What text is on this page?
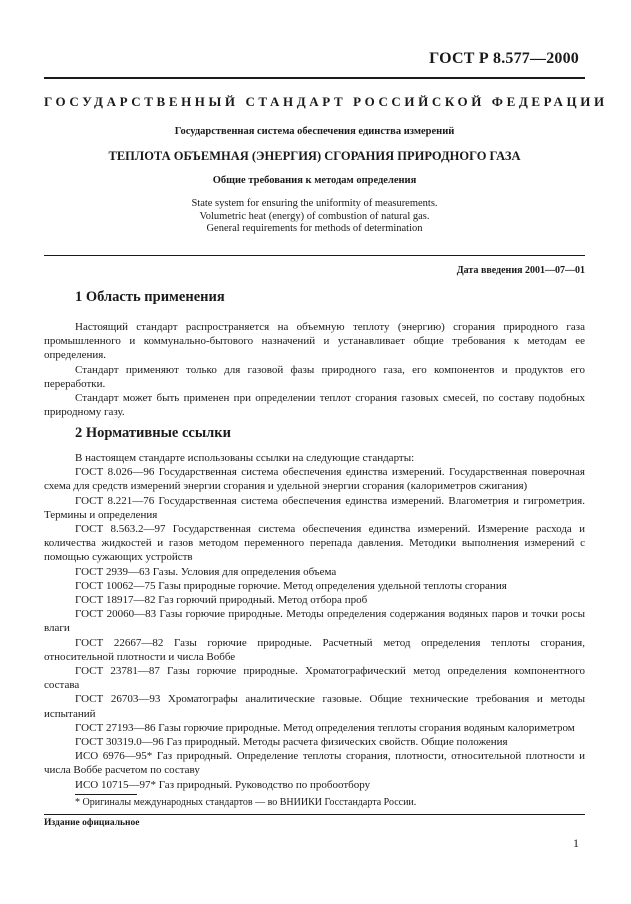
ГОСТ Р 8.577—2000
ГОСУДАРСТВЕННЫЙ СТАНДАРТ РОССИЙСКОЙ ФЕДЕРАЦИИ
Государственная система обеспечения единства измерений
ТЕПЛОТА ОБЪЕМНАЯ (ЭНЕРГИЯ) СГОРАНИЯ ПРИРОДНОГО ГАЗА
Общие требования к методам определения
State system for ensuring the uniformity of measurements.
Volumetric heat (energy) of combustion of natural gas.
General requirements for methods of determination
Дата введения 2001—07—01
1 Область применения

Настоящий стандарт распространяется на объемную теплоту (энергию) сгорания природного газа промышленного и коммунально-бытового назначений и устанавливает общие требования к методам ее определения.

Стандарт применяют только для газовой фазы природного газа, его компонентов и продуктов его переработки.

Стандарт может быть применен при определении теплот сгорания газовых смесей, по составу подобных природному газу.

2 Нормативные ссылки

В настоящем стандарте использованы ссылки на следующие стандарты:

ГОСТ 8.026—96 Государственная система обеспечения единства измерений. Государственная поверочная схема для средств измерений энергии сгорания и удельной энергии сгорания (калориметров сжигания)

ГОСТ 8.221—76 Государственная система обеспечения единства измерений. Влагометрия и гигрометрия. Термины и определения

ГОСТ 8.563.2—97 Государственная система обеспечения единства измерений. Измерение расхода и количества жидкостей и газов методом переменного перепада давления. Методики выполнения измерений с помощью сужающих устройств

ГОСТ 2939—63 Газы. Условия для определения объема

ГОСТ 10062—75 Газы природные горючие. Метод определения удельной теплоты сгорания

ГОСТ 18917—82 Газ горючий природный. Метод отбора проб

ГОСТ 20060—83 Газы горючие природные. Методы определения содержания водяных паров и точки росы влаги

ГОСТ 22667—82 Газы горючие природные. Расчетный метод определения теплоты сгорания, относительной плотности и числа Воббе

ГОСТ 23781—87 Газы горючие природные. Хроматографический метод определения компонентного состава

ГОСТ 26703—93 Хроматографы аналитические газовые. Общие технические требования и методы испытаний

ГОСТ 27193—86 Газы горючие природные. Метод определения теплоты сгорания водяным калориметром

ГОСТ 30319.0—96 Газ природный. Методы расчета физических свойств. Общие положения

ИСО 6976—95* Газ природный. Определение теплоты сгорания, плотности, относительной плотности и числа Воббе расчетом по составу

ИСО 10715—97* Газ природный. Руководство по пробоотбору

* Оригиналы международных стандартов — во ВНИИКИ Госстандарта России.
Издание официальное
1
